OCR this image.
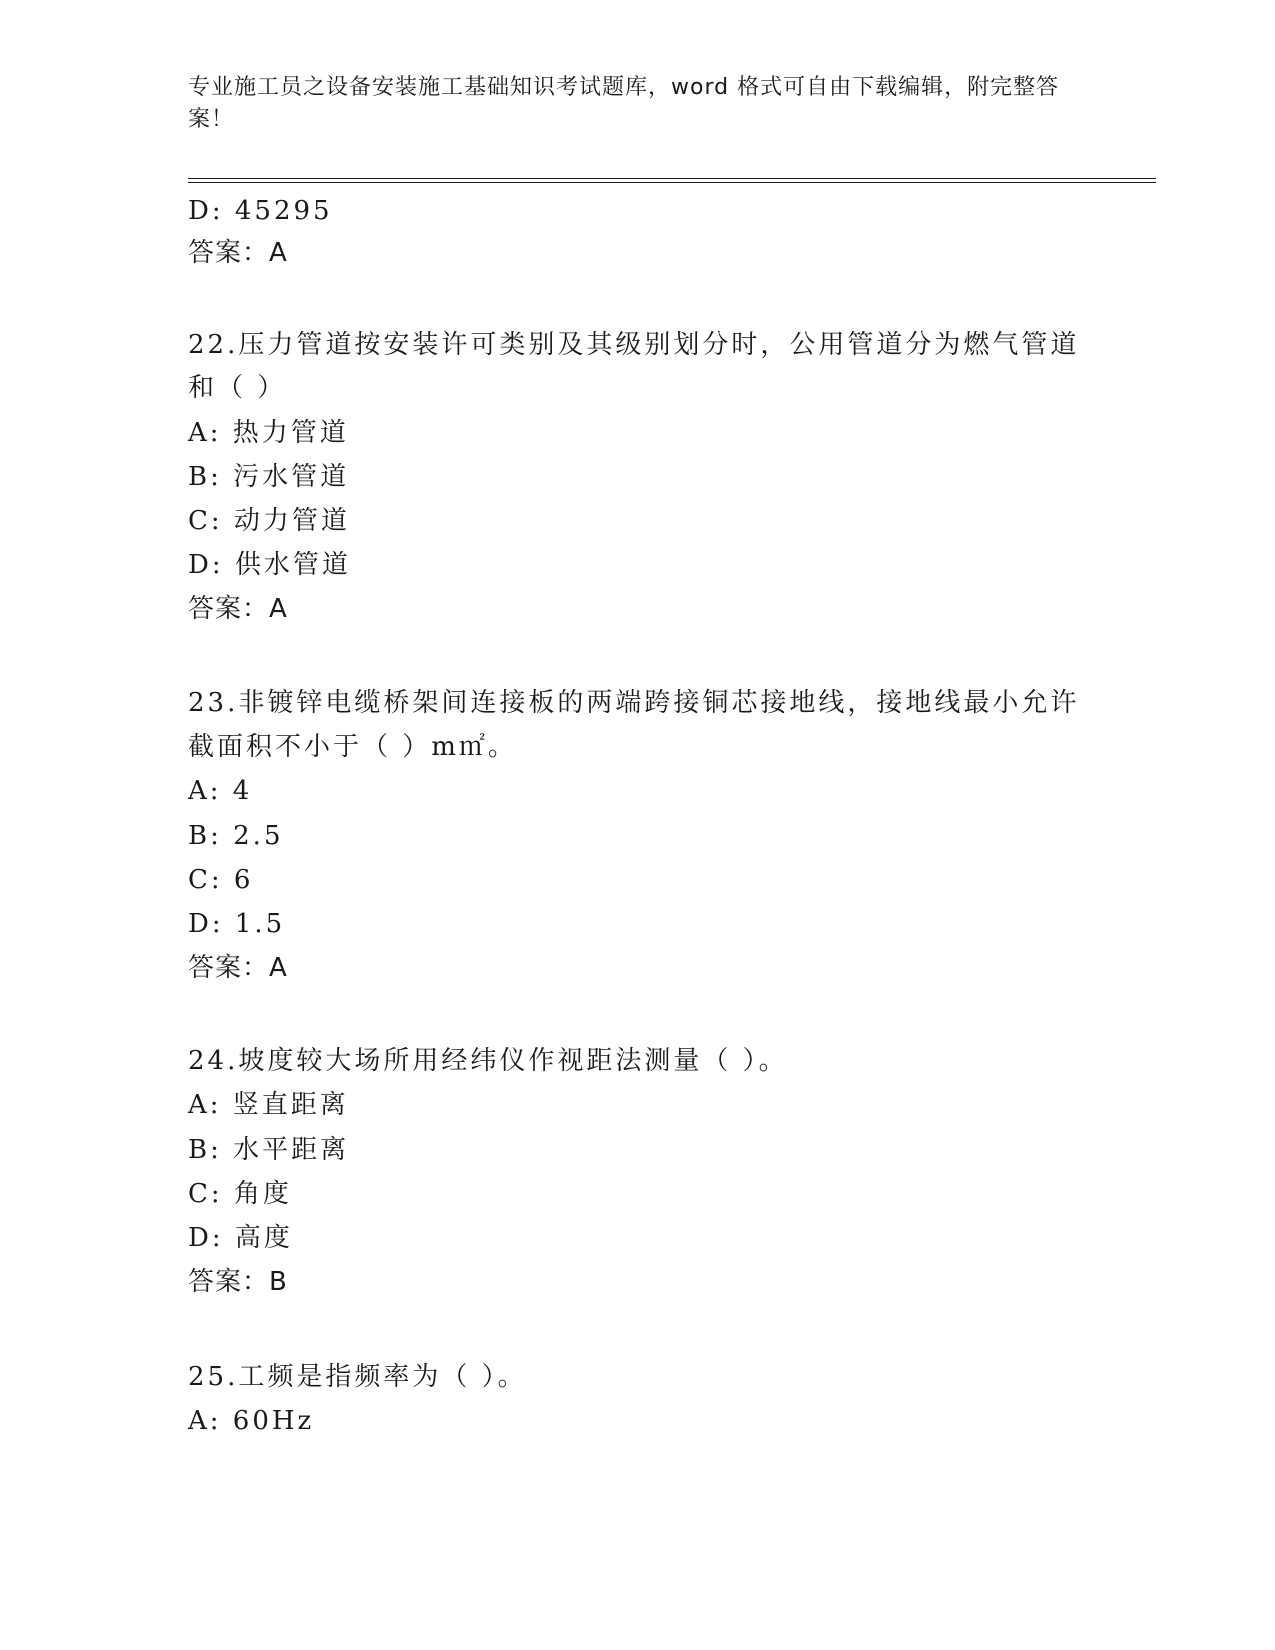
专业施工员之设备安装施工基础知识考试题库，word 格式可自由下载编辑，附完整答案！
D: 45295
答案：A
22.压力管道按安装许可类别及其级别划分时，公用管道分为燃气管道
和（ ）
A: 热力管道
B: 污水管道
C: 动力管道
D: 供水管道
答案：A
23.非镀锌电缆桥架间连接板的两端跨接铜芯接地线，接地线最小允许
截面积不小于（ ）m㎡。
A: 4
B: 2.5
C: 6
D: 1.5
答案：A
24.坡度较大场所用经纬仪作视距法测量（ ）。
A: 竖直距离
B: 水平距离
C: 角度
D: 高度
答案：B
25.工频是指频率为（ ）。
A: 60Hz
